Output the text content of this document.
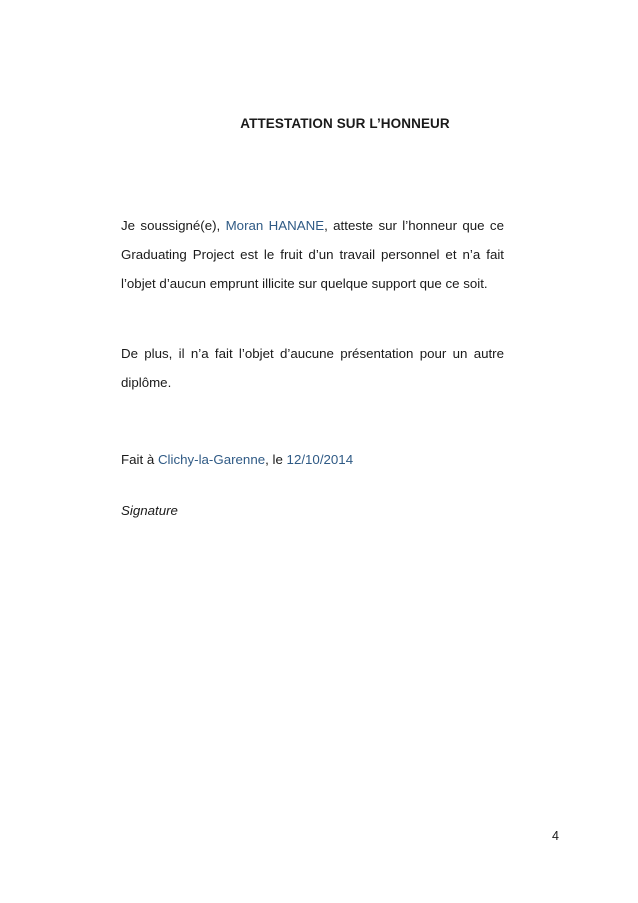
ATTESTATION SUR L’HONNEUR
Je soussigné(e), Moran HANANE, atteste sur l’honneur que ce Graduating Project est le fruit d’un travail personnel et n’a fait l’objet d’aucun emprunt illicite sur quelque support que ce soit.
De plus, il n’a fait l’objet d’aucune présentation pour un autre diplôme.
Fait à Clichy-la-Garenne, le 12/10/2014
Signature
4
